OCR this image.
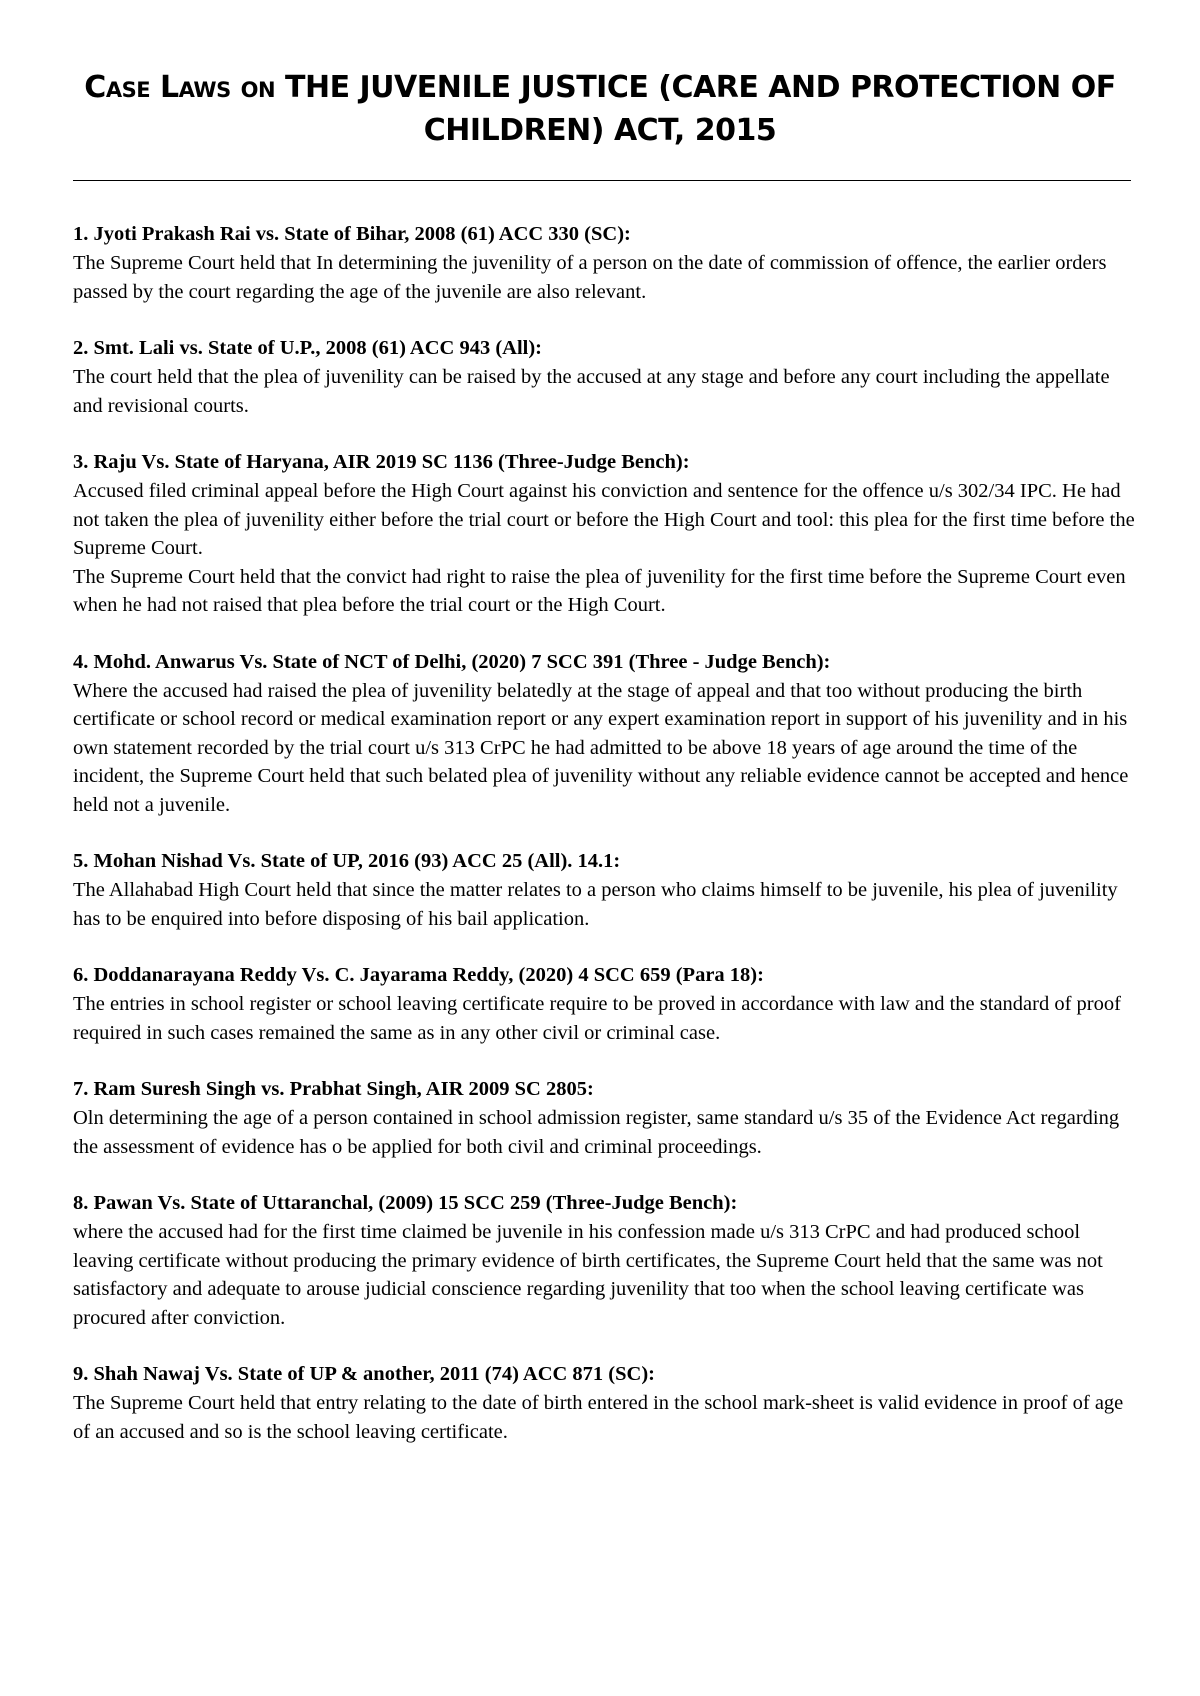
Case Laws on THE JUVENILE JUSTICE (CARE AND PROTECTION OF CHILDREN) ACT, 2015
1. Jyoti Prakash Rai vs. State of Bihar, 2008 (61) ACC 330 (SC):

The Supreme Court held that In determining the juvenility of a person on the date of commission of offence, the earlier orders passed by the court regarding the age of the juvenile are also relevant.

2. Smt. Lali vs. State of U.P., 2008 (61) ACC 943 (All):

The court held that the plea of juvenility can be raised by the accused at any stage and before any court including the appellate and revisional courts.

3. Raju Vs. State of Haryana, AIR 2019 SC 1136 (Three-Judge Bench):

Accused filed criminal appeal before the High Court against his conviction and sentence for the offence u/s 302/34 IPC. He had not taken the plea of juvenility either before the trial court or before the High Court and tool: this plea for the first time before the Supreme Court.

The Supreme Court held that the convict had right to raise the plea of juvenility for the first time before the Supreme Court even when he had not raised that plea before the trial court or the High Court.

4. Mohd. Anwarus Vs. State of NCT of Delhi, (2020) 7 SCC 391 (Three - Judge Bench):

Where the accused had raised the plea of juvenility belatedly at the stage of appeal and that too without producing the birth certificate or school record or medical examination report or any expert examination report in support of his juvenility and in his own statement recorded by the trial court u/s 313 CrPC he had admitted to be above 18 years of age around the time of the incident, the Supreme Court held that such belated plea of juvenility without any reliable evidence cannot be accepted and hence held not a juvenile.

5. Mohan Nishad Vs. State of UP, 2016 (93) ACC 25 (All). 14.1:

The Allahabad High Court held that since the matter relates to a person who claims himself to be juvenile, his plea of juvenility has to be enquired into before disposing of his bail application.

6. Doddanarayana Reddy Vs. C. Jayarama Reddy, (2020) 4 SCC 659 (Para 18):

The entries in school register or school leaving certificate require to be proved in accordance with law and the standard of proof required in such cases remained the same as in any other civil or criminal case.

7. Ram Suresh Singh vs. Prabhat Singh, AIR 2009 SC 2805:

Oln determining the age of a person contained in school admission register, same standard u/s 35 of the Evidence Act regarding the assessment of evidence has o be applied for both civil and criminal proceedings.

8. Pawan Vs. State of Uttaranchal, (2009) 15 SCC 259 (Three-Judge Bench):

where the accused had for the first time claimed be juvenile in his confession made u/s 313 CrPC and had produced school leaving certificate without producing the primary evidence of birth certificates, the Supreme Court held that the same was not satisfactory and adequate to arouse judicial conscience regarding juvenility that too when the school leaving certificate was procured after conviction.

9. Shah Nawaj Vs. State of UP & another, 2011 (74) ACC 871 (SC):

The Supreme Court held that entry relating to the date of birth entered in the school mark-sheet is valid evidence in proof of age of an accused and so is the school leaving certificate.
